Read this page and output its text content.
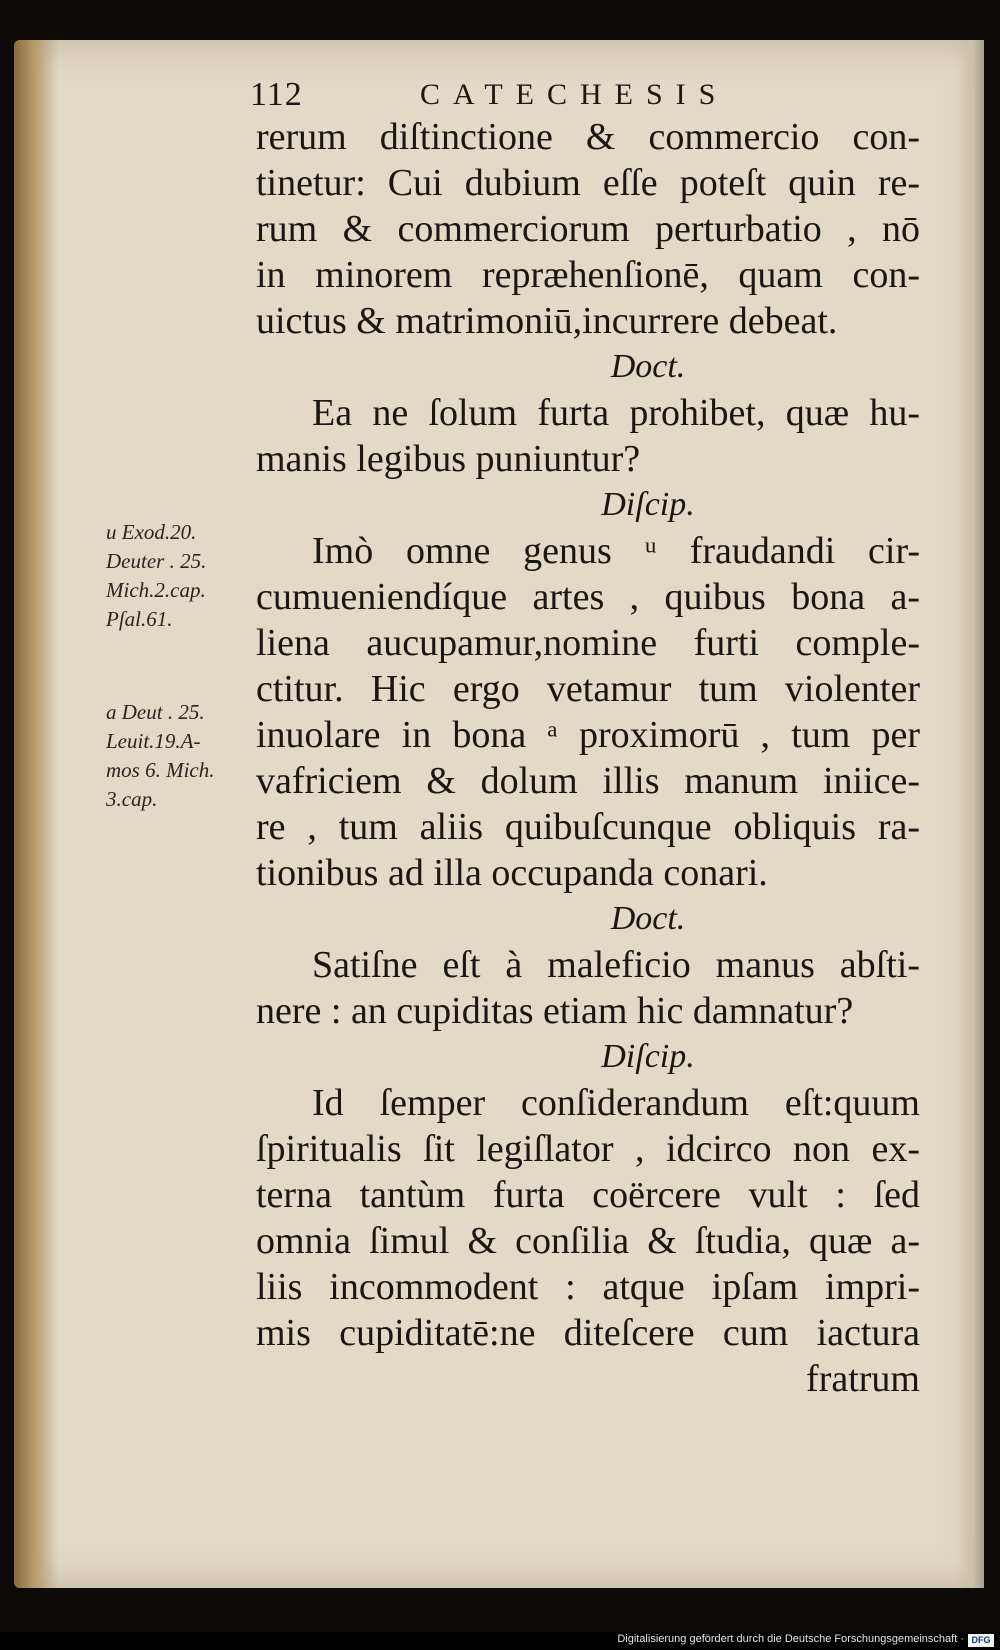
112	CATECHESIS
u Exod.20.
Deuter . 25.
Mich.2.cap.
Pſal.61.
a Deut . 25.
Leuit.19.A-
mos 6. Mich.
3.cap.
rerum diſtinctione & commercio con-
tinetur: Cui dubium eſſe poteſt quin re-
rum & commerciorum perturbatio , nō
in minorem repræhenſionē, quam con-
uictus & matrimoniū,incurrere debeat.
Doct.
Ea ne ſolum furta prohibet, quæ hu-
manis legibus puniuntur?
Diſcip.
Imò omne genus ᵘ fraudandi cir-
cumueniendíque artes , quibus bona a-
liena aucupamur,nomine furti comple-
ctitur. Hic ergo vetamur tum violenter
inuolare in bona ᵃ proximorū , tum per
vafriciem & dolum illis manum iniice-
re , tum aliis quibuſcunque obliquis ra-
tionibus ad illa occupanda conari.
Doct.
Satiſne eſt à maleficio manus abſti-
nere : an cupiditas etiam hic damnatur?
Diſcip.
Id ſemper conſiderandum eſt:quum
ſpiritualis ſit legiſlator , idcirco non ex-
terna tantùm furta coërcere vult : ſed
omnia ſimul & conſilia & ſtudia, quæ a-
liis incommodent : atque ipſam impri-
mis cupiditatē:ne diteſcere cum iactura
fratrum
Digitalisierung gefördert durch die Deutsche Forschungsgemeinschaft · DFG
